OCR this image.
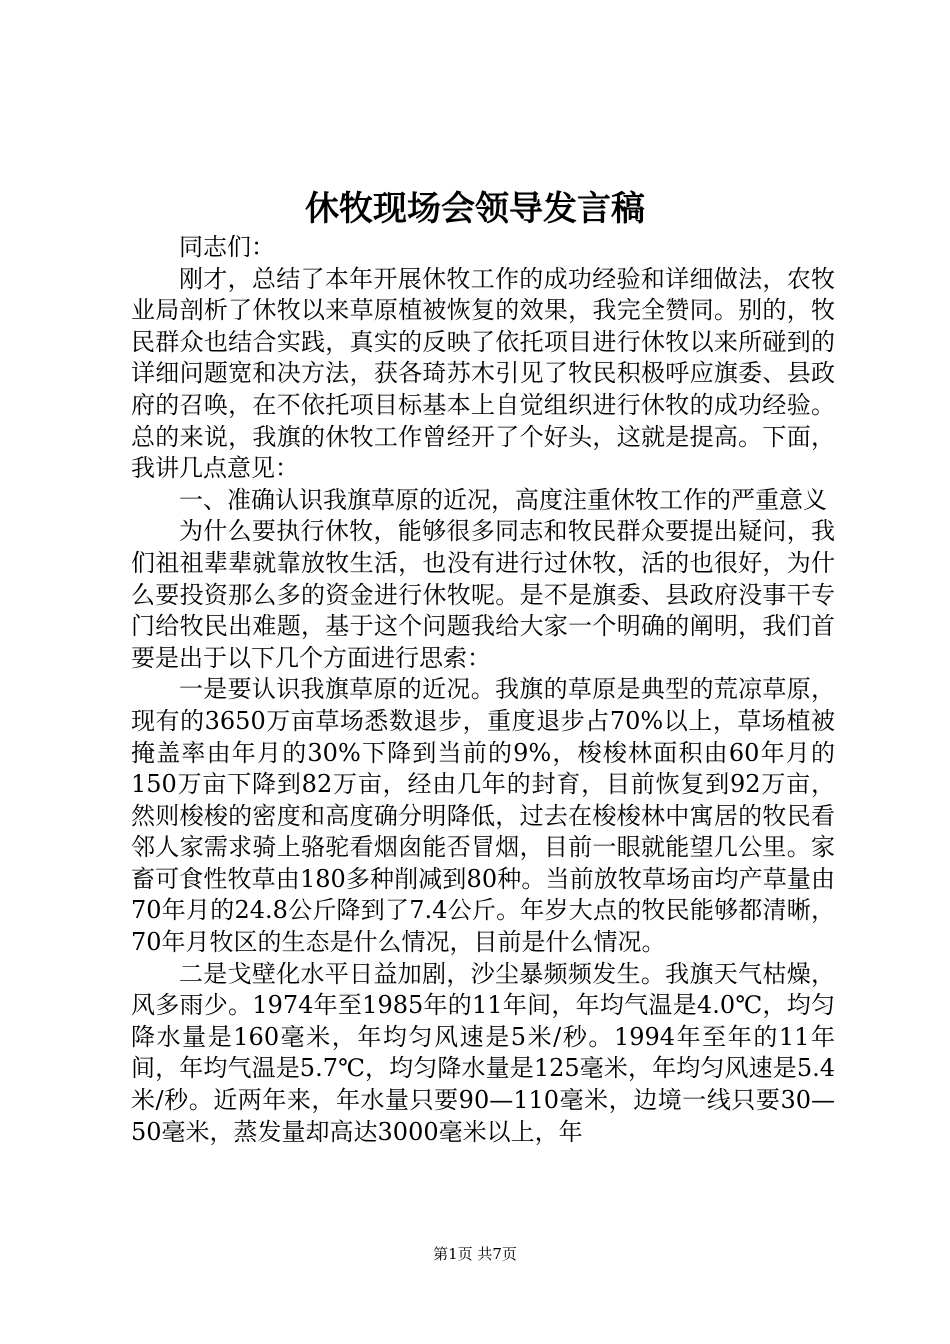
休牧现场会领导发言稿

同志们：

刚才，总结了本年开展休牧工作的成功经验和详细做法，农牧业局剖析了休牧以来草原植被恢复的效果，我完全赞同。别的，牧民群众也结合实践，真实的反映了依托项目进行休牧以来所碰到的详细问题宽和决方法，获各琦苏木引见了牧民积极呼应旗委、县政府的召唤，在不依托项目标基本上自觉组织进行休牧的成功经验。总的来说，我旗的休牧工作曾经开了个好头，这就是提高。下面，我讲几点意见：

一、准确认识我旗草原的近况，高度注重休牧工作的严重意义

为什么要执行休牧，能够很多同志和牧民群众要提出疑问，我们祖祖辈辈就靠放牧生活，也没有进行过休牧，活的也很好，为什么要投资那么多的资金进行休牧呢。是不是旗委、县政府没事干专门给牧民出难题，基于这个问题我给大家一个明确的阐明，我们首要是出于以下几个方面进行思索：

一是要认识我旗草原的近况。我旗的草原是典型的荒凉草原，现有的3650万亩草场悉数退步，重度退步占70%以上，草场植被掩盖率由年月的30%下降到当前的9%，梭梭林面积由60年月的150万亩下降到82万亩，经由几年的封育，目前恢复到92万亩，然则梭梭的密度和高度确分明降低，过去在梭梭林中寓居的牧民看邻人家需求骑上骆驼看烟囱能否冒烟，目前一眼就能望几公里。家畜可食性牧草由180多种削减到80种。当前放牧草场亩均产草量由70年月的24.8公斤降到了7.4公斤。年岁大点的牧民能够都清晰，70年月牧区的生态是什么情况，目前是什么情况。

二是戈壁化水平日益加剧，沙尘暴频频发生。我旗天气枯燥，风多雨少。1974年至1985年的11年间，年均气温是4.0℃，均匀降水量是160毫米，年均匀风速是5米/秒。1994年至年的11年间，年均气温是5.7℃，均匀降水量是125毫米，年均匀风速是5.4米/秒。近两年来，年水量只要90—110毫米，边境一线只要30—50毫米，蒸发量却高达3000毫米以上，年

第1页 共7页
